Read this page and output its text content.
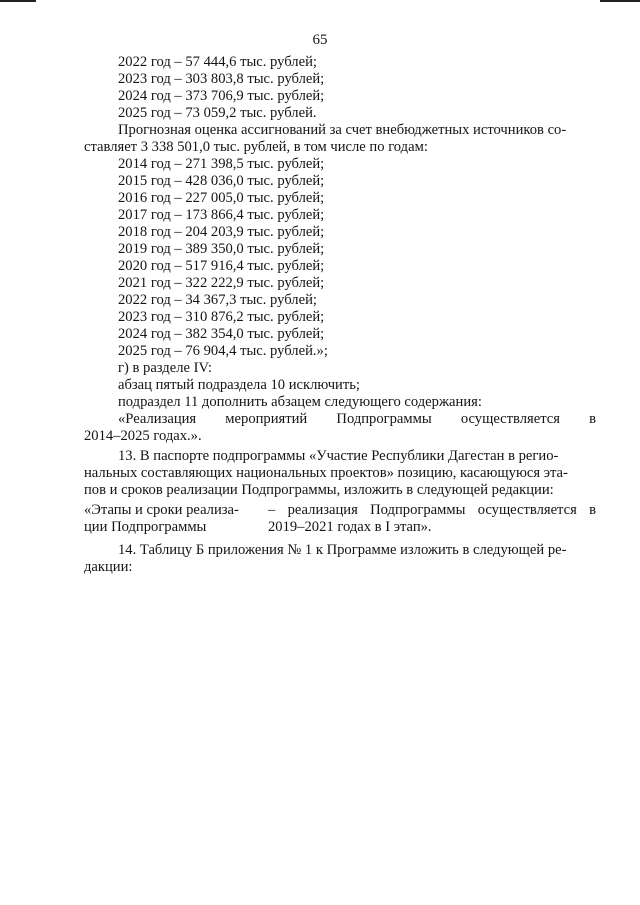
65
2022 год – 57 444,6 тыс. рублей;
2023 год – 303 803,8 тыс. рублей;
2024 год – 373 706,9 тыс. рублей;
2025 год – 73 059,2 тыс. рублей.
Прогнозная оценка ассигнований за счет внебюджетных источников со-
ставляет 3 338 501,0 тыс. рублей, в том числе по годам:
2014 год – 271 398,5 тыс. рублей;
2015 год – 428 036,0 тыс. рублей;
2016 год – 227 005,0 тыс. рублей;
2017 год – 173 866,4 тыс. рублей;
2018 год – 204 203,9 тыс. рублей;
2019 год – 389 350,0 тыс. рублей;
2020 год – 517 916,4 тыс. рублей;
2021 год – 322 222,9 тыс. рублей;
2022 год – 34 367,3 тыс. рублей;
2023 год – 310 876,2 тыс. рублей;
2024 год – 382 354,0 тыс. рублей;
2025 год – 76 904,4 тыс. рублей.»;
г) в разделе IV:
абзац пятый подраздела 10 исключить;
подраздел 11 дополнить абзацем следующего содержания:
«Реализация мероприятий Подпрограммы осуществляется в
2014–2025 годах.».
13. В паспорте подпрограммы «Участие Республики Дагестан в регио-
нальных составляющих национальных проектов» позицию, касающуюся эта-
пов и сроков реализации Подпрограммы, изложить в следующей редакции:
«Этапы и сроки реализа-	– реализация Подпрограммы осуществляется в
ции Подпрограммы	2019–2021 годах в I этап».
14. Таблицу Б приложения № 1 к Программе изложить в следующей ре-
дакции:
